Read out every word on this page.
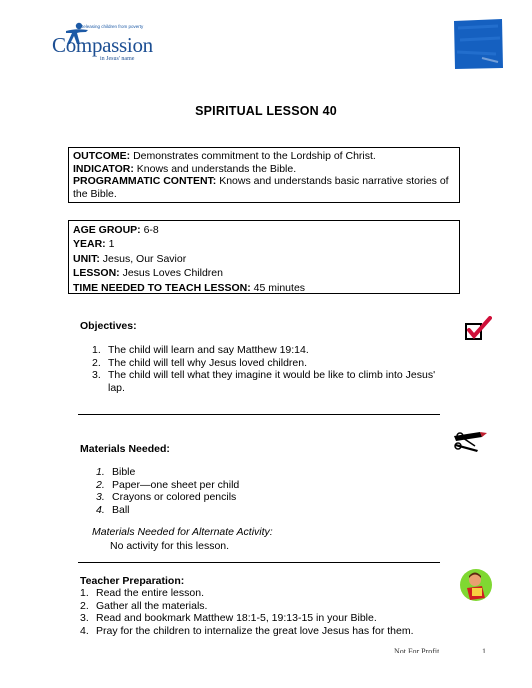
Releasing children from poverty
Compassion
in Jesus' name
SPIRITUAL LESSON 40

OUTCOME: Demonstrates commitment to the Lordship of Christ.

INDICATOR: Knows and understands the Bible.

PROGRAMMATIC CONTENT: Knows and understands basic narrative stories of the Bible.

AGE GROUP: 6-8

YEAR: 1

UNIT: Jesus, Our Savior

LESSON: Jesus Loves Children

TIME NEEDED TO TEACH LESSON: 45 minutes

Objectives:
1. The child will learn and say Matthew 19:14.
2. The child will tell why Jesus loved children.
3. The child will tell what they imagine it would be like to climb into Jesus' lap.
Materials Needed:
1. Bible
2. Paper—one sheet per child
3. Crayons or colored pencils
4. Ball
Materials Needed for Alternate Activity:
No activity for this lesson.
Teacher Preparation:
1. Read the entire lesson.
2. Gather all the materials.
3. Read and bookmark Matthew 18:1-5, 19:13-15 in your Bible.
4. Pray for the children to internalize the great love Jesus has for them.
Not For Profit	1
